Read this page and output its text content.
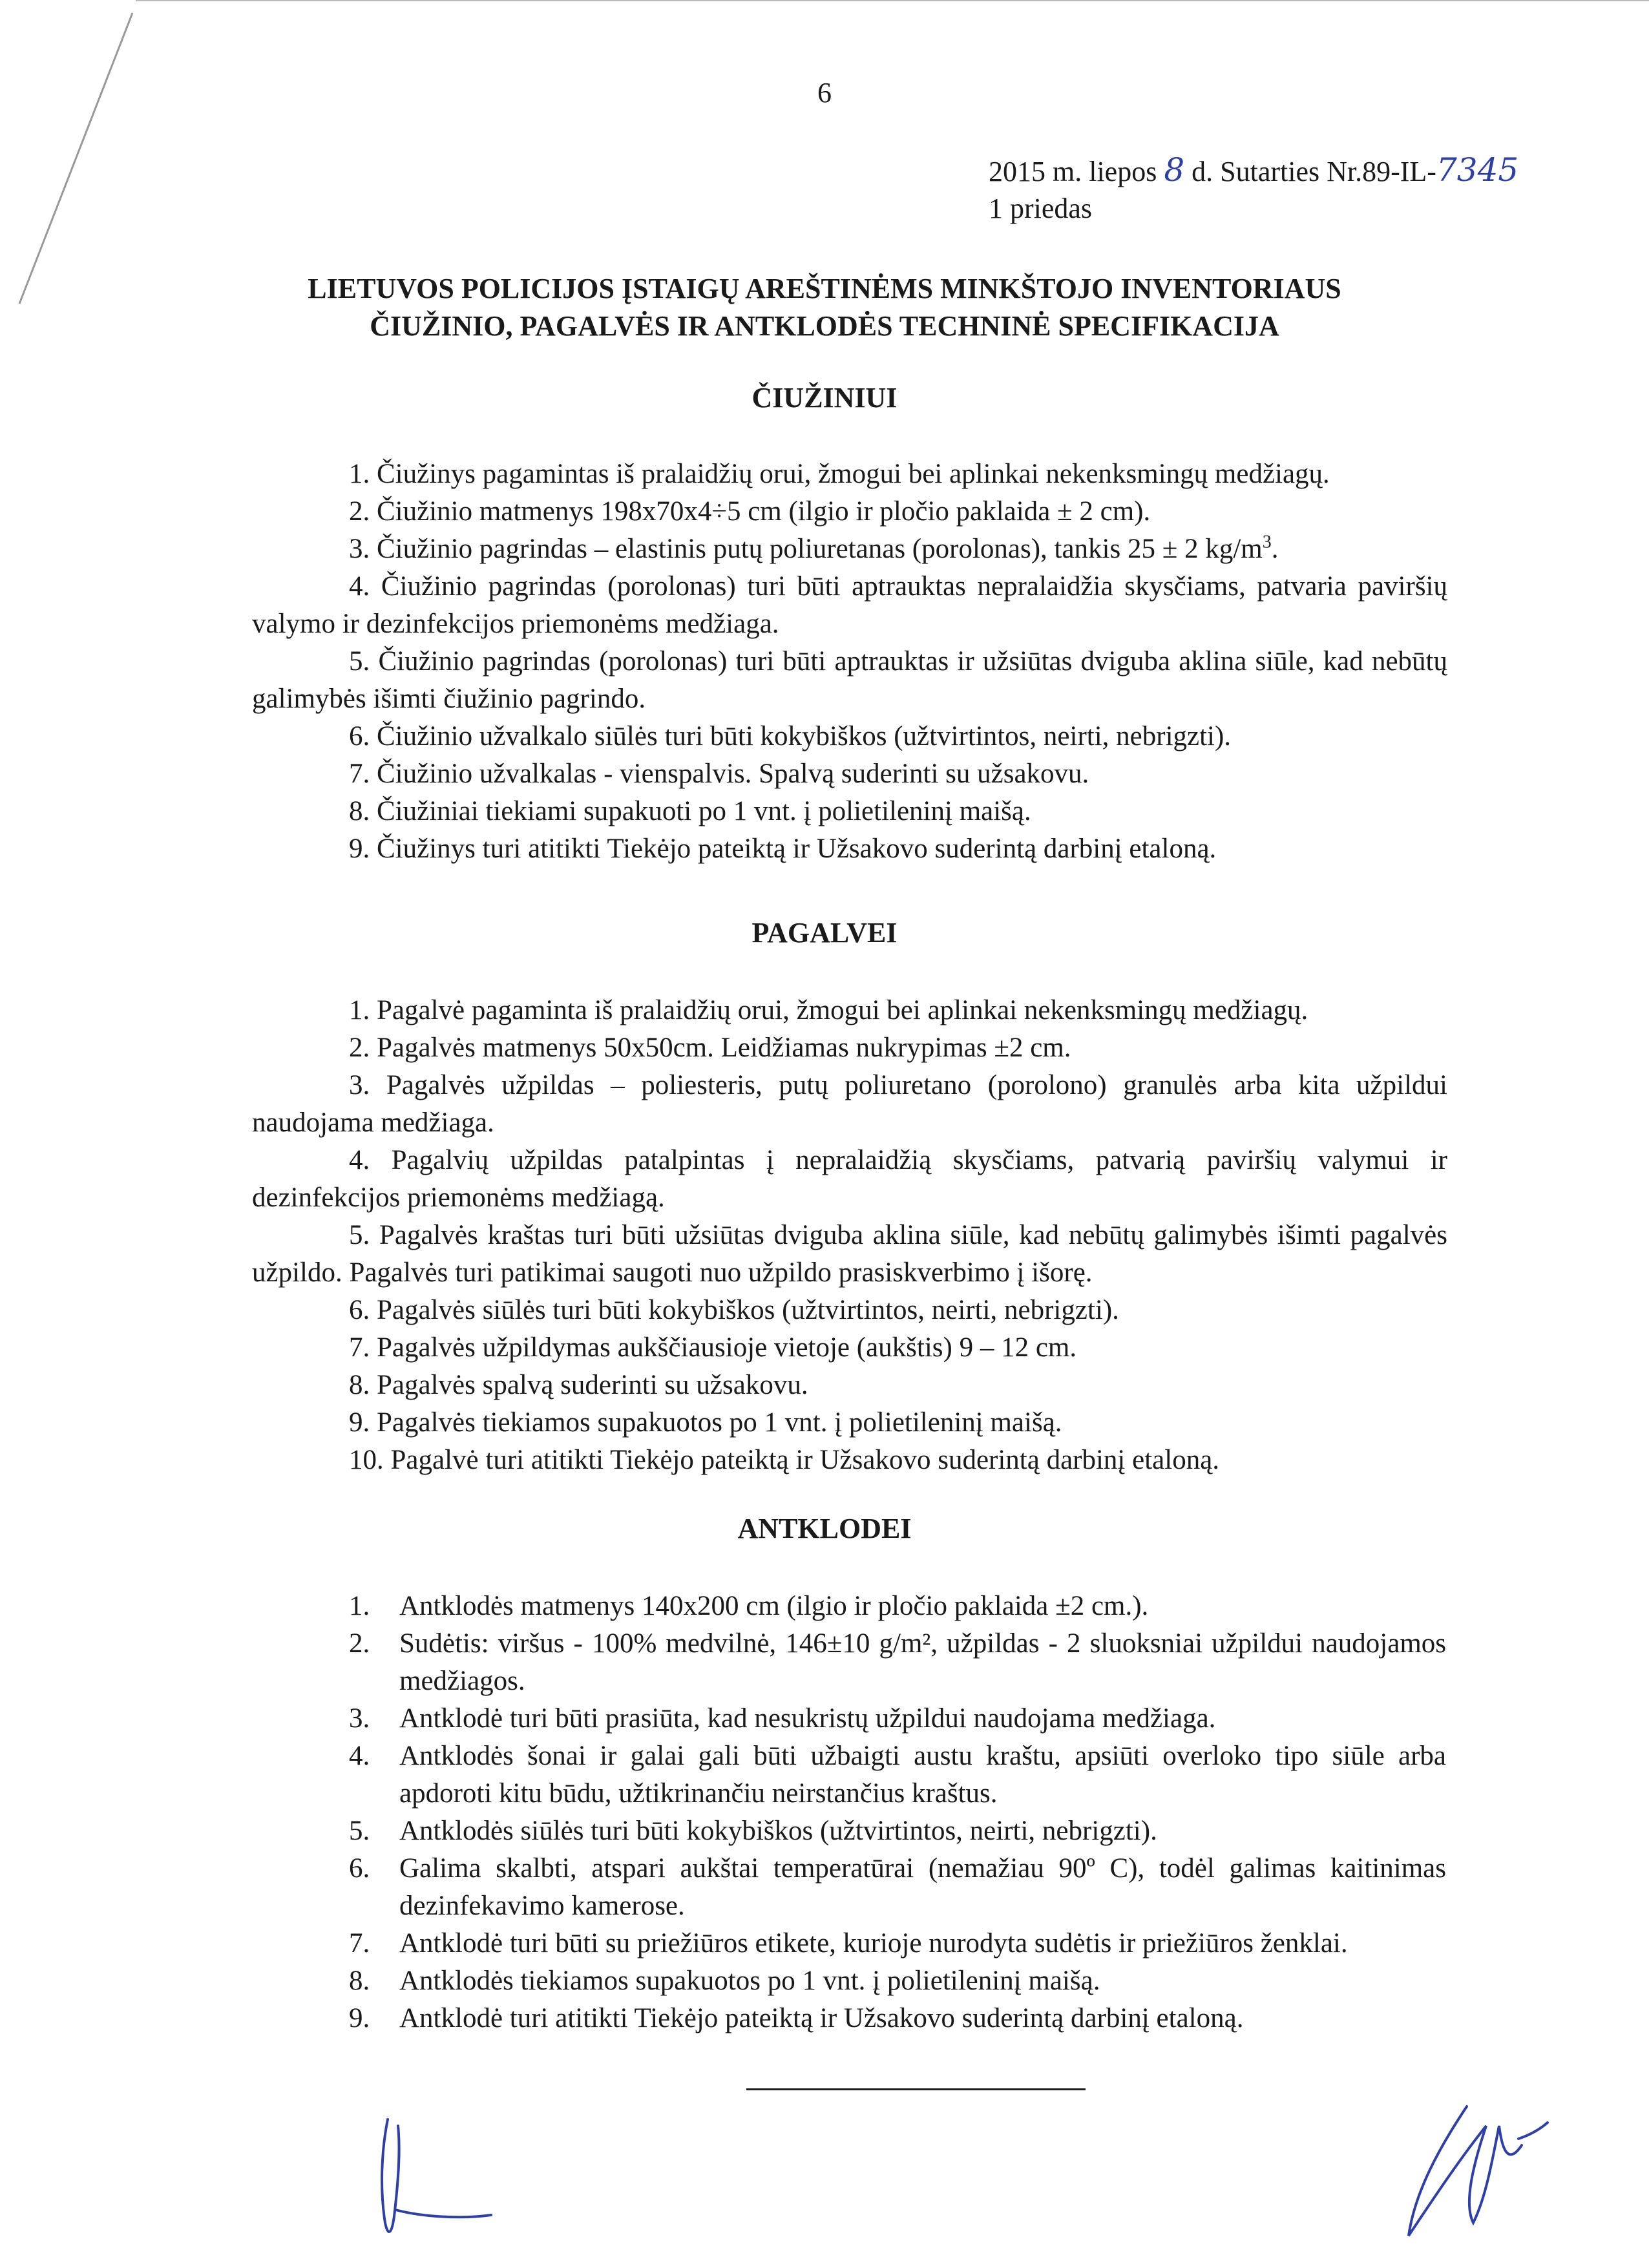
6
2015 m. liepos 8 d. Sutarties Nr.89-IL-7345
1 priedas
LIETUVOS POLICIJOS ĮSTAIGŲ AREŠTINĖMS MINKŠTOJO INVENTORIAUS
ČIUŽINIO, PAGALVĖS IR ANTKLODĖS TECHNINĖ SPECIFIKACIJA
ČIUŽINIUI
1. Čiužinys pagamintas iš pralaidžių orui, žmogui bei aplinkai nekenksmingų medžiagų.
2. Čiužinio matmenys 198x70x4÷5 cm (ilgio ir pločio paklaida ± 2 cm).
3. Čiužinio pagrindas – elastinis putų poliuretanas (porolonas), tankis 25 ± 2 $kg/m^3$.
4. Čiužinio pagrindas (porolonas) turi būti aptrauktas nepralaidžia skysčiams, patvaria paviršių valymo ir dezinfekcijos priemonėms medžiaga.
5. Čiužinio pagrindas (porolonas) turi būti aptrauktas ir užsiūtas dviguba aklina siūle, kad nebūtų galimybės išimti čiužinio pagrindo.
6. Čiužinio užvalkalo siūlės turi būti kokybiškos (užtvirtintos, neirti, nebrigzti).
7. Čiužinio užvalkalas - vienspalvis. Spalvą suderinti su užsakovu.
8. Čiužiniai tiekiami supakuoti po 1 vnt. į polietileninį maišą.
9. Čiužinys turi atitikti Tiekėjo pateiktą ir Užsakovo suderintą darbinį etaloną.
PAGALVEI
1. Pagalvė pagaminta iš pralaidžių orui, žmogui bei aplinkai nekenksmingų medžiagų.
2. Pagalvės matmenys 50x50cm. Leidžiamas nukrypimas ±2 cm.
3. Pagalvės užpildas – poliesteris, putų poliuretano (porolono) granulės arba kita užpildui naudojama medžiaga.
4. Pagalvių užpildas patalpintas į nepralaidžią skysčiams, patvarią paviršių valymui ir dezinfekcijos priemonėms medžiagą.
5. Pagalvės kraštas turi būti užsiūtas dviguba aklina siūle, kad nebūtų galimybės išimti pagalvės užpildo. Pagalvės turi patikimai saugoti nuo užpildo prasiskverbimo į išorę.
6. Pagalvės siūlės turi būti kokybiškos (užtvirtintos, neirti, nebrigzti).
7. Pagalvės užpildymas aukščiausioje vietoje (aukštis) 9 – 12 cm.
8. Pagalvės spalvą suderinti su užsakovu.
9. Pagalvės tiekiamos supakuotos po 1 vnt. į polietileninį maišą.
10. Pagalvė turi atitikti Tiekėjo pateiktą ir Užsakovo suderintą darbinį etaloną.
ANTKLODEI
1. Antklodės matmenys 140x200 cm (ilgio ir pločio paklaida ±2 cm.).
2. Sudėtis: viršus - 100% medvilnė, 146±10 g/m², užpildas - 2 sluoksniai užpildui naudojamos medžiagos.
3. Antklodė turi būti prasiūta, kad nesukristų užpildui naudojama medžiaga.
4. Antklodės šonai ir galai gali būti užbaigti austu kraštu, apsiūti overloko tipo siūle arba apdoroti kitu būdu, užtikrinančiu neirstančius kraštus.
5. Antklodės siūlės turi būti kokybiškos (užtvirtintos, neirti, nebrigzti).
6. Galima skalbti, atspari aukštai temperatūrai (nemažiau 90º C), todėl galimas kaitinimas dezinfekavimo kamerose.
7. Antklodė turi būti su priežiūros etikete, kurioje nurodyta sudėtis ir priežiūros ženklai.
8. Antklodės tiekiamos supakuotos po 1 vnt. į polietileninį maišą.
9. Antklodė turi atitikti Tiekėjo pateiktą ir Užsakovo suderintą darbinį etaloną.
